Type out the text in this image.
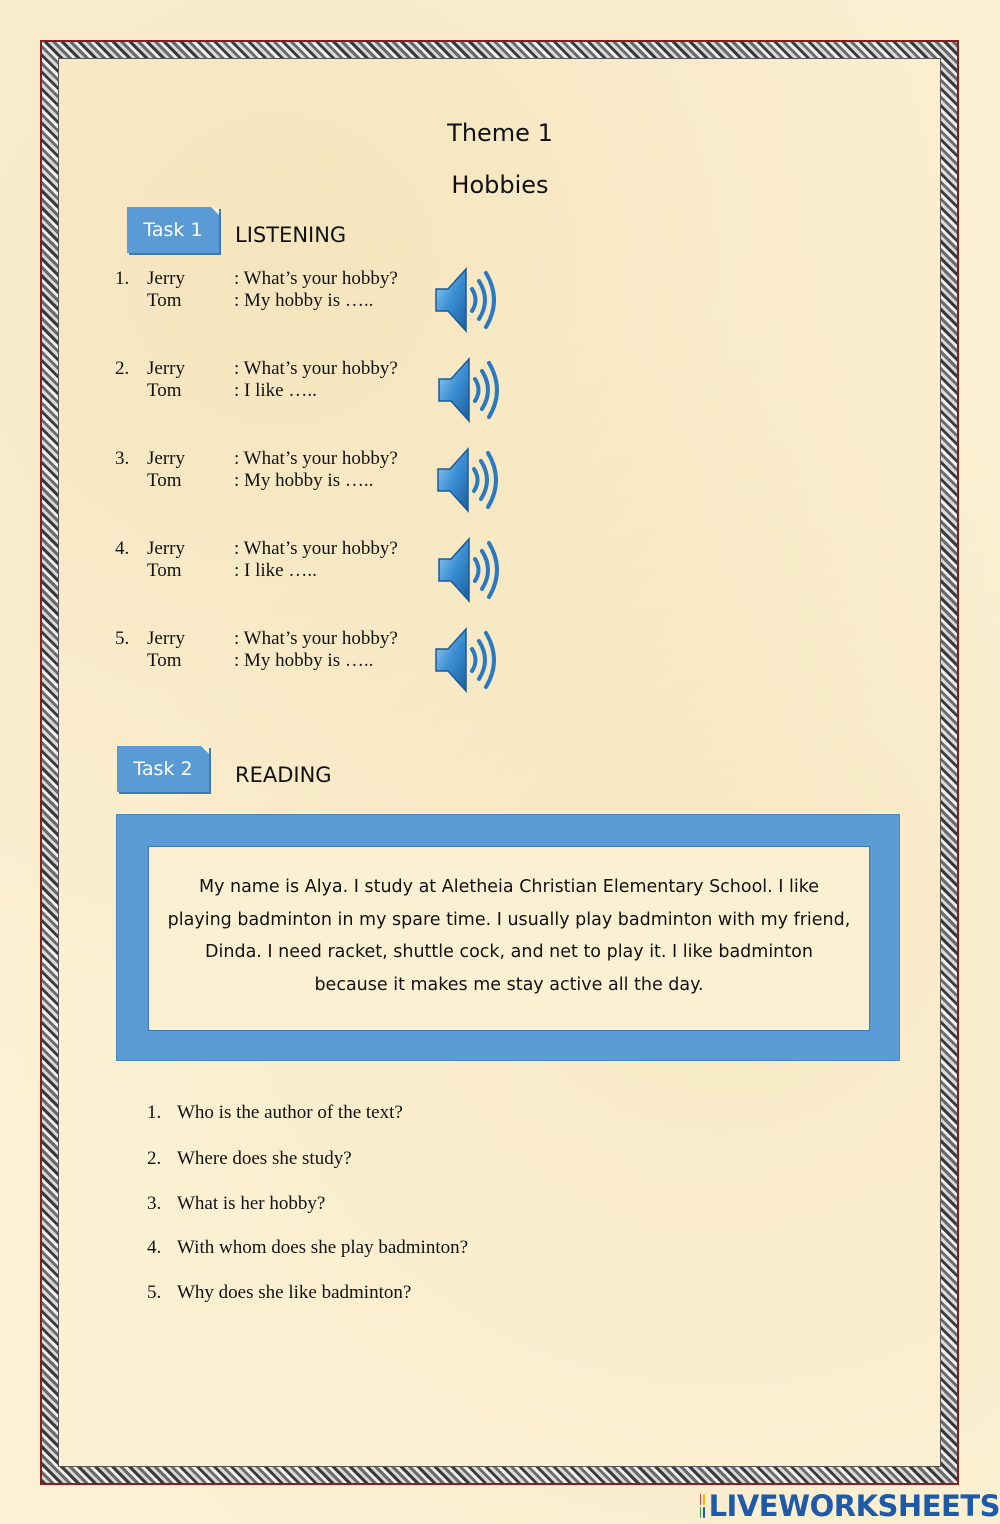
Theme 1
Hobbies
Task 1 LISTENING
1. Jerry	: What’s your hobby?
Tom	: My hobby is …..
2. Jerry	: What’s your hobby?
Tom	: I like …..
3. Jerry	: What’s your hobby?
Tom	: My hobby is …..
4. Jerry	: What’s your hobby?
Tom	: I like …..
5. Jerry	: What’s your hobby?
Tom	: My hobby is …..
Task 2 READING
My name is Alya. I study at Aletheia Christian Elementary School. I like
playing badminton in my spare time. I usually play badminton with my friend,
Dinda. I need racket, shuttle cock, and net to play it. I like badminton
because it makes me stay active all the day.
1. Who is the author of the text?
2. Where does she study?
3. What is her hobby?
4. With whom does she play badminton?
5. Why does she like badminton?
LIVEWORKSHEETS
